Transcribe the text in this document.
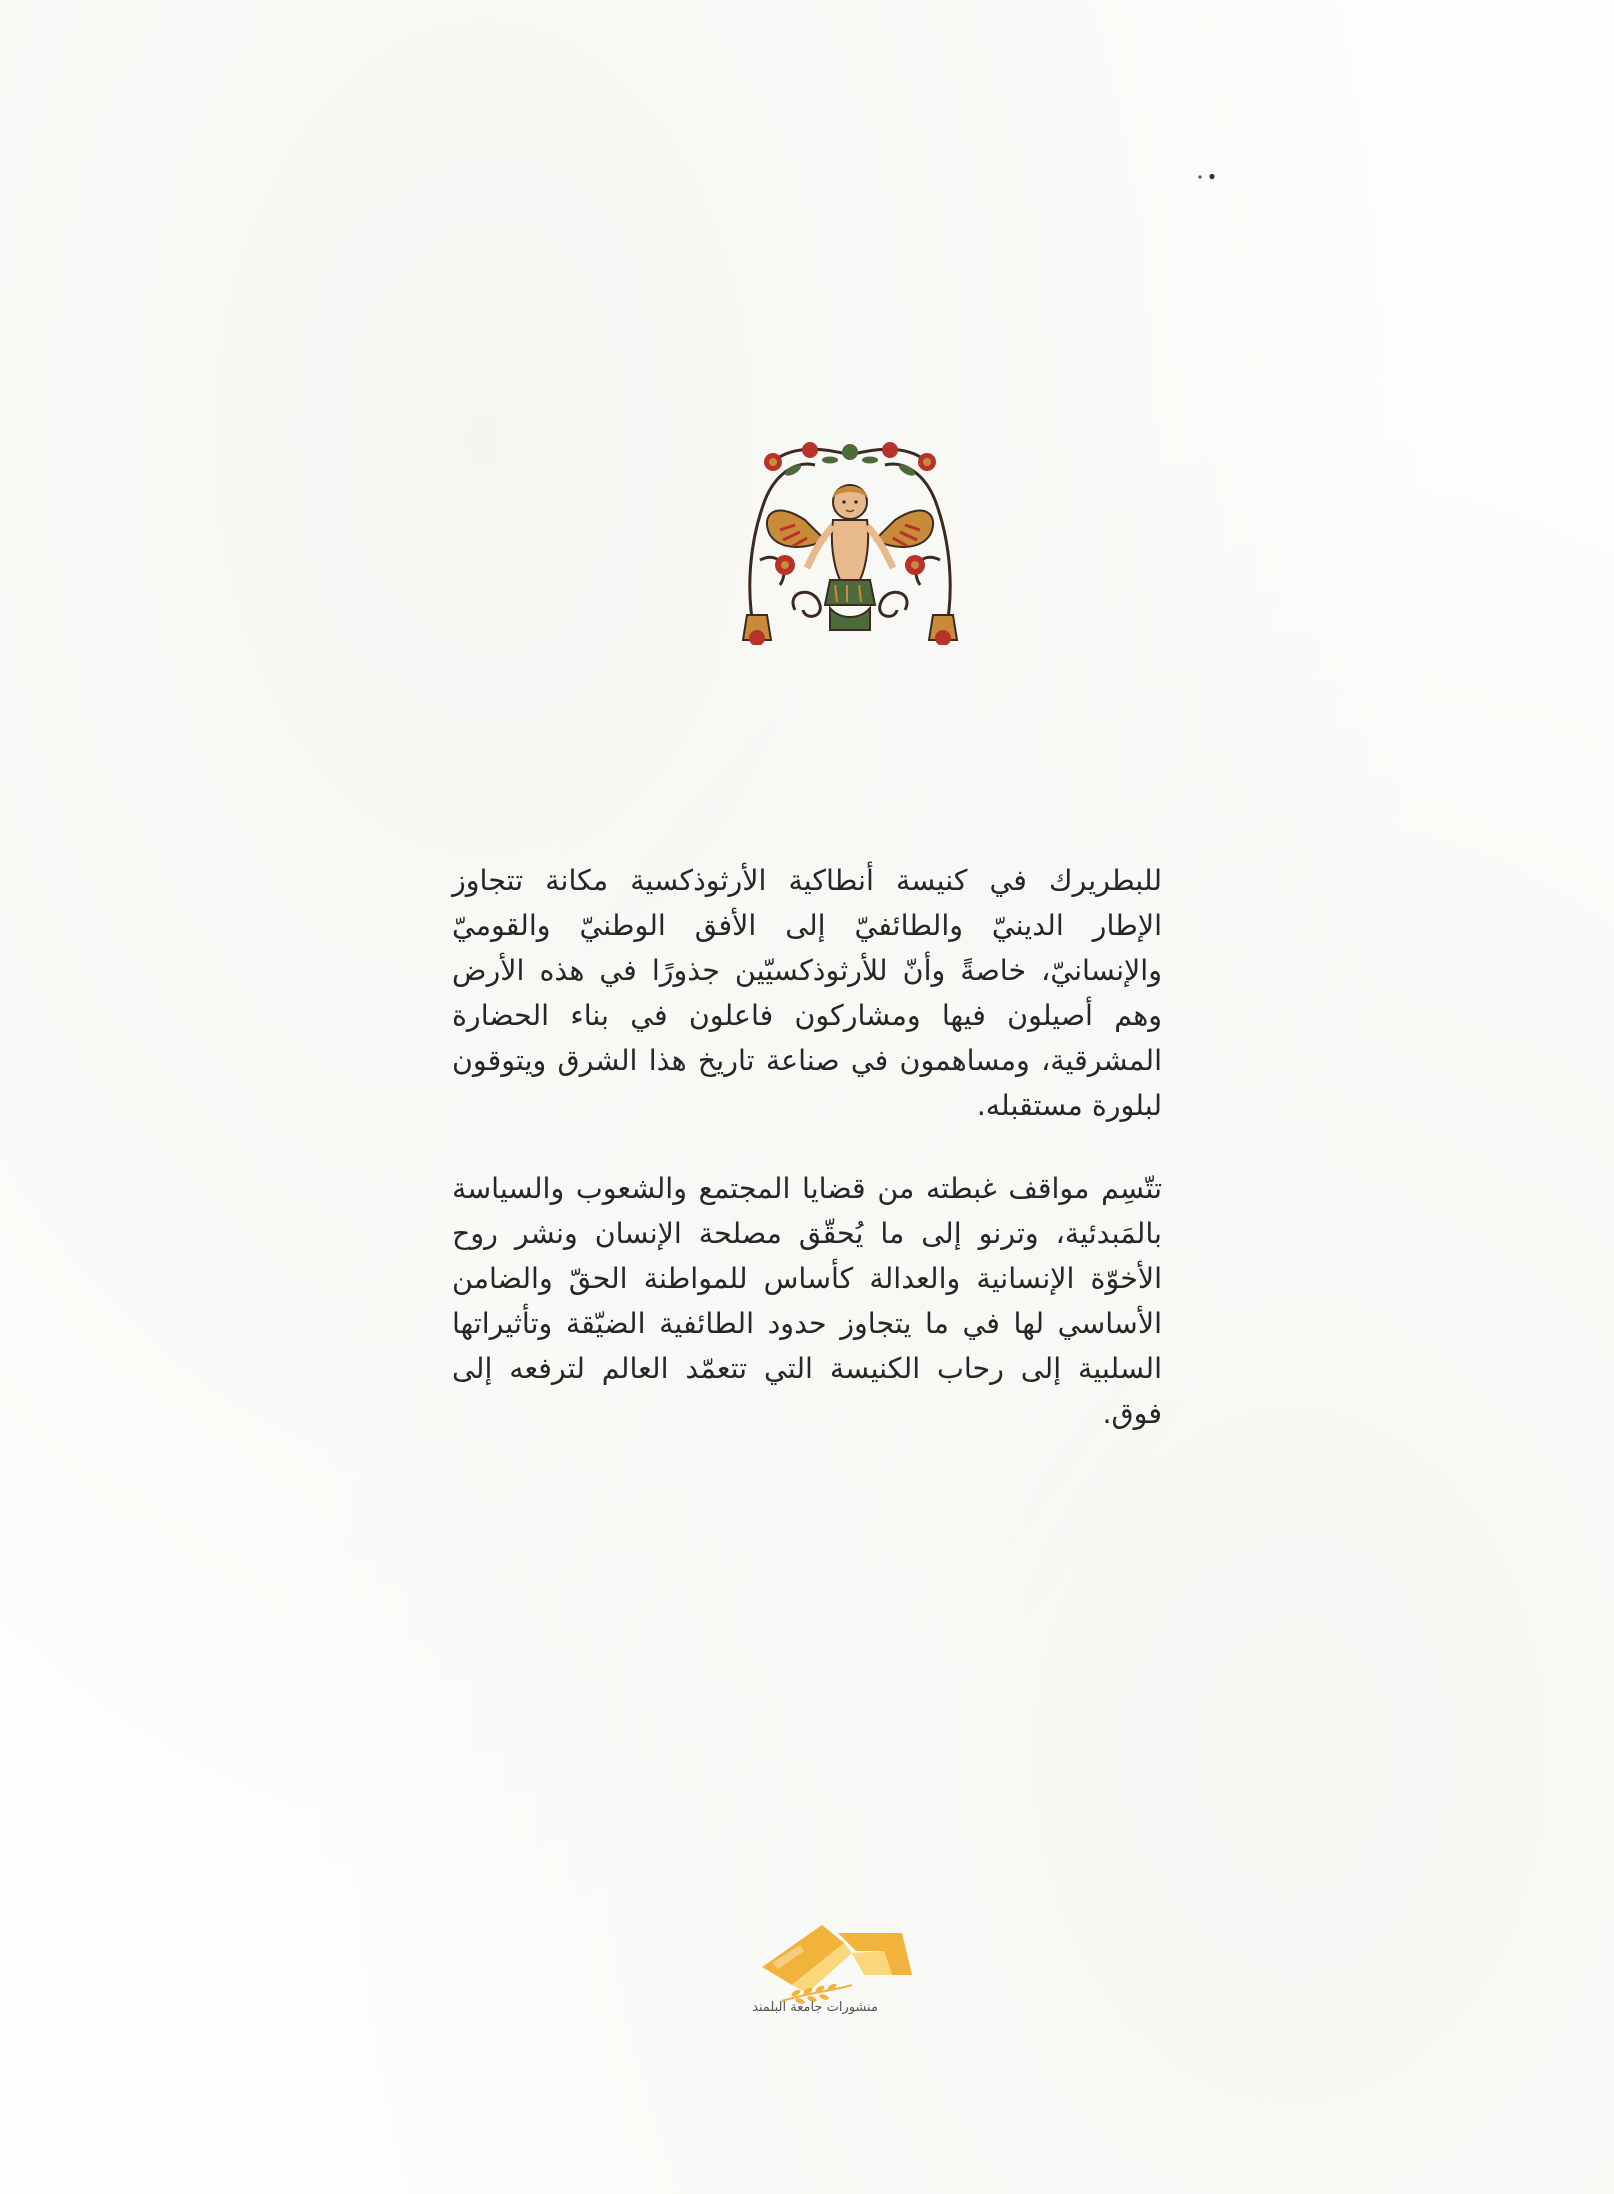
للبطريرك في كنيسة أنطاكية الأرثوذكسية مكانة تتجاوز الإطار الدينيّ والطائفيّ إلى الأفق الوطنيّ والقوميّ والإنسانيّ، خاصةً وأنّ للأرثوذكسيّين جذورًا في هذه الأرض وهم أصيلون فيها ومشاركون فاعلون في بناء الحضارة المشرقية، ومساهمون في صناعة تاريخ هذا الشرق ويتوقون لبلورة مستقبله.

تتّسِم مواقف غبطته من قضايا المجتمع والشعوب والسياسة بالمَبدئية، وترنو إلى ما يُحقّق مصلحة الإنسان ونشر روح الأخوّة الإنسانية والعدالة كأساس للمواطنة الحقّ والضامن الأساسي لها في ما يتجاوز حدود الطائفية الضيّقة وتأثيراتها السلبية إلى رحاب الكنيسة التي تتعمّد العالم لترفعه إلى فوق.

منشورات جامعة البلمند
